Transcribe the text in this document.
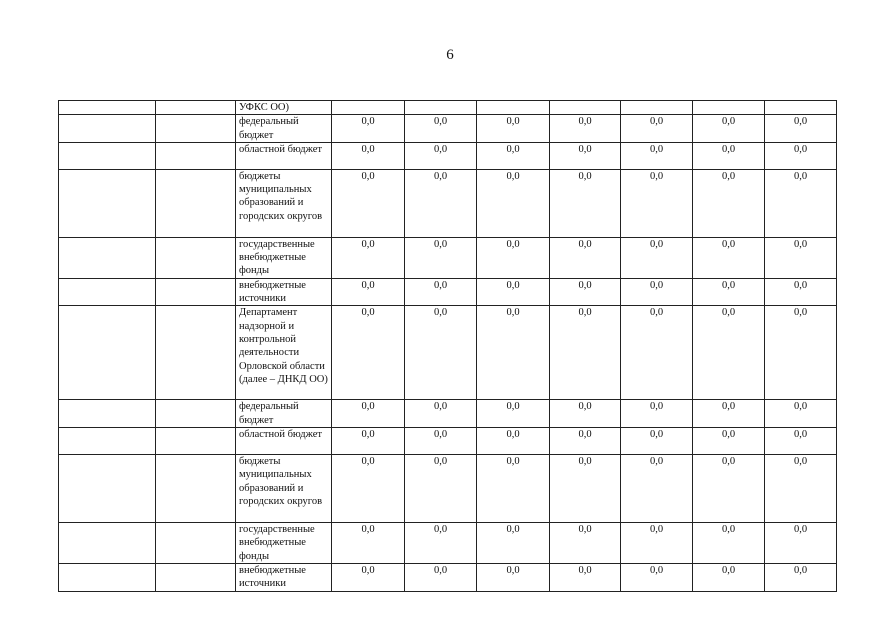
6
		УФКС ОО)							
		федеральный бюджет	0,0	0,0	0,0	0,0	0,0	0,0	0,0
		областной бюджет	0,0	0,0	0,0	0,0	0,0	0,0	0,0
		бюджеты муниципальных образований и городских округов	0,0	0,0	0,0	0,0	0,0	0,0	0,0
		государственные внебюджетные фонды	0,0	0,0	0,0	0,0	0,0	0,0	0,0
		внебюджетные источники	0,0	0,0	0,0	0,0	0,0	0,0	0,0
		Департамент надзорной и контрольной деятельности Орловской области (далее – ДНКД ОО)	0,0	0,0	0,0	0,0	0,0	0,0	0,0
		федеральный бюджет	0,0	0,0	0,0	0,0	0,0	0,0	0,0
		областной бюджет	0,0	0,0	0,0	0,0	0,0	0,0	0,0
		бюджеты муниципальных образований и городских округов	0,0	0,0	0,0	0,0	0,0	0,0	0,0
		государственные внебюджетные фонды	0,0	0,0	0,0	0,0	0,0	0,0	0,0
		внебюджетные источники	0,0	0,0	0,0	0,0	0,0	0,0	0,0
